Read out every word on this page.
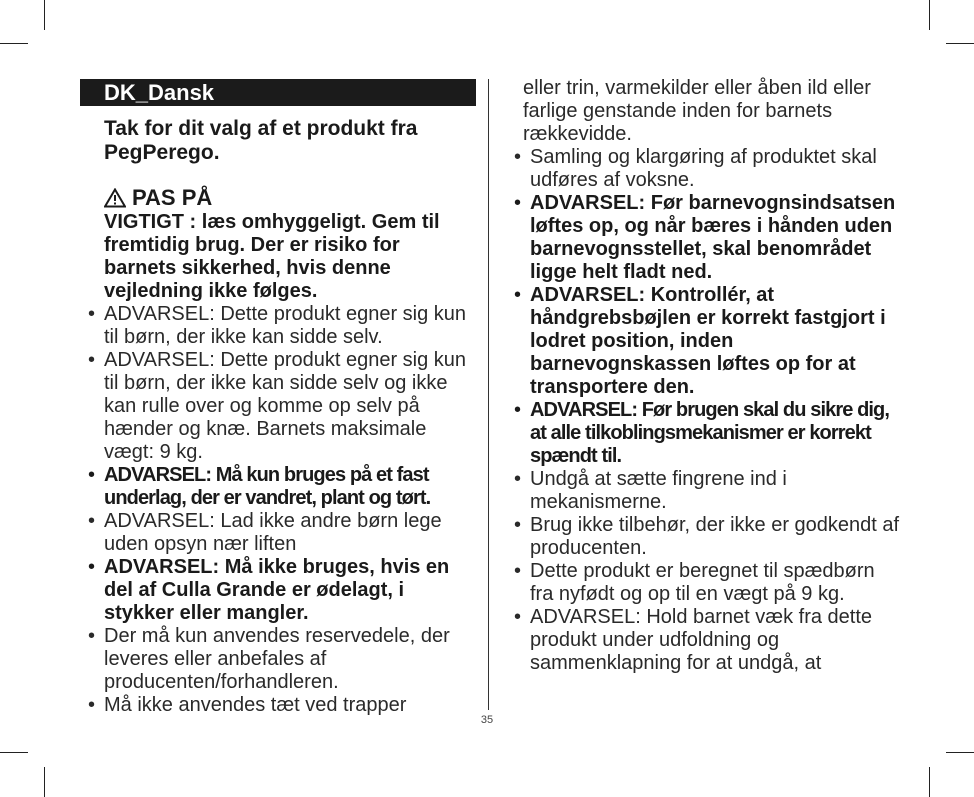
DK_Dansk
Tak for dit valg af et produkt fra PegPerego.
PAS PÅ
VIGTIGT : læs omhyggeligt. Gem til fremtidig brug. Der er risiko for barnets sikkerhed, hvis denne vejledning ikke følges.
• ADVARSEL: Dette produkt egner sig kun til børn, der ikke kan sidde selv.
• ADVARSEL: Dette produkt egner sig kun til børn, der ikke kan sidde selv og ikke kan rulle over og komme op selv på hænder og knæ. Barnets maksimale vægt: 9 kg.
• ADVARSEL: Må kun bruges på et fast underlag, der er vandret, plant og tørt.
• ADVARSEL: Lad ikke andre børn lege uden opsyn nær liften
• ADVARSEL: Må ikke bruges, hvis en del af Culla Grande er ødelagt, i stykker eller mangler.
• Der må kun anvendes reservedele, der leveres eller anbefales af producenten/forhandleren.
• Må ikke anvendes tæt ved trapper
eller trin, varmekilder eller åben ild eller farlige genstande inden for barnets rækkevidde.
• Samling og klargøring af produktet skal udføres af voksne.
• ADVARSEL: Før barnevognsindsatsen løftes op, og når bæres i hånden uden barnevognsstellet, skal benområdet ligge helt fladt ned.
• ADVARSEL: Kontrollér, at håndgrebsbøjlen er korrekt fastgjort i lodret position, inden barnevognskassen løftes op for at transportere den.
• ADVARSEL: Før brugen skal du sikre dig, at alle tilkoblingsmekanismer er korrekt spændt til.
• Undgå at sætte fingrene ind i mekanismerne.
• Brug ikke tilbehør, der ikke er godkendt af producenten.
• Dette produkt er beregnet til spædbørn fra nyfødt og op til en vægt på 9 kg.
• ADVARSEL: Hold barnet væk fra dette produkt under udfoldning og sammenklapning for at undgå, at
35
